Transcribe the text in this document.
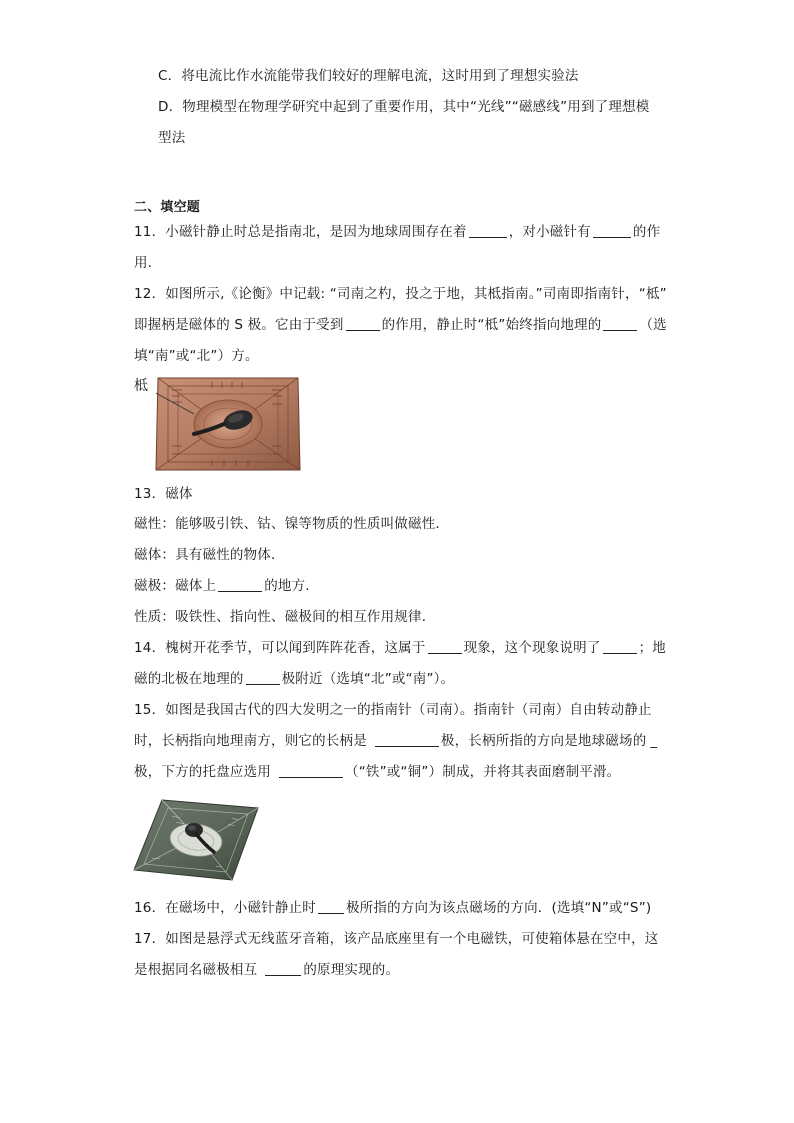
C．将电流比作水流能带我们较好的理解电流，这时用到了理想实验法
D．物理模型在物理学研究中起到了重要作用，其中“光线”“磁感线”用到了理想模
型法
二、填空题
11．小磁针静止时总是指南北，是因为地球周围存在着	，对小磁针有	的作
用．
12．如图所示,《论衡》中记载: “司南之杓，投之于地，其柢指南。”司南即指南针，“柢”
即握柄是磁体的 S 极。它由于受到	的作用，静止时“柢”始终指向地理的	（选
填“南”或“北”）方。
柢
13．磁体
磁性：能够吸引铁、钴、镍等物质的性质叫做磁性．
磁体：具有磁性的物体．
磁极：磁体上	的地方．
性质：吸铁性、指向性、磁极间的相互作用规律．
14．槐树开花季节，可以闻到阵阵花香，这属于	现象，这个现象说明了	；地
磁的北极在地理的	极附近（选填“北”或“南”）。
15．如图是我国古代的四大发明之一的指南针（司南）。指南针（司南）自由转动静止
时，长柄指向地理南方，则它的长柄是	极，长柄所指的方向是地球磁场的 _
极，下方的托盘应选用	（“铁”或“铜”）制成，并将其表面磨制平滑。
16．在磁场中，小磁针静止时 极所指的方向为该点磁场的方向．(选填“N”或“S”)
17．如图是悬浮式无线蓝牙音箱，该产品底座里有一个电磁铁，可使箱体悬在空中，这
是根据同名磁极相互	的原理实现的。
